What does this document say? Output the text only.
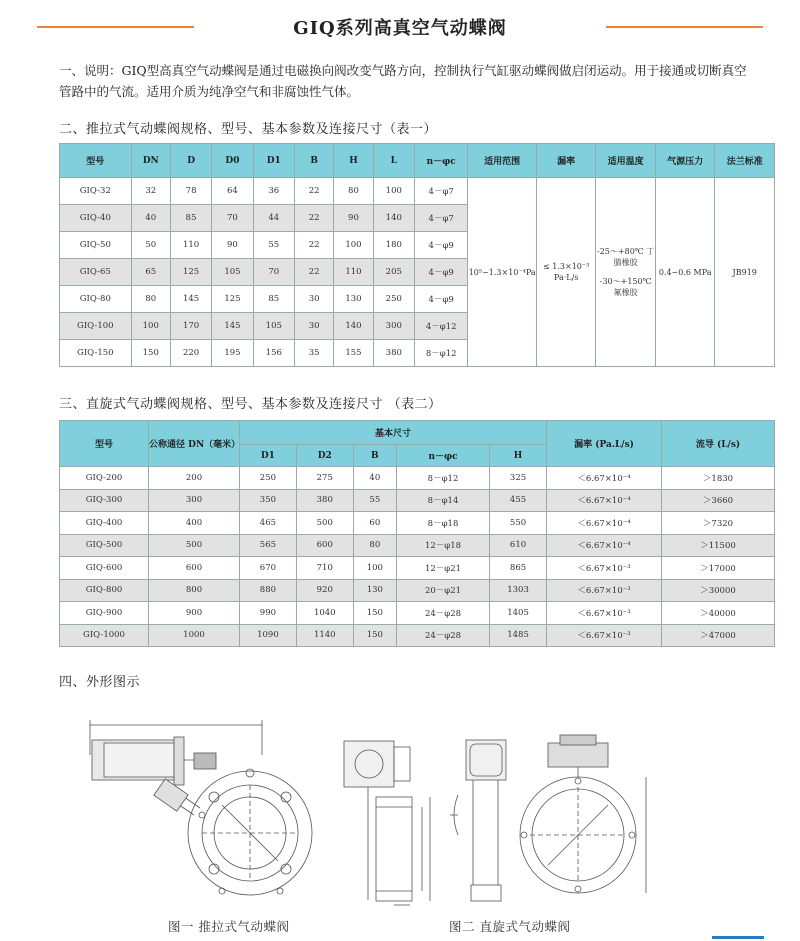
GIQ系列高真空气动蝶阀
一、说明：GIQ型高真空气动蝶阀是通过电磁换向阀改变气路方向，控制执行气缸驱动蝶阀做启闭运动。用于接通或切断真空管路中的气流。适用介质为纯净空气和非腐蚀性气体。
二、推拉式气动蝶阀规格、型号、基本参数及连接尺寸（表一）
型号	DN	D	D0	D1	B	H	L	n－φc	适用范围	漏率	适用温度	气源压力	法兰标准
GIQ-32	32	78	64	36	22	80	100	4－φ7	10⁵~1.3×10⁻⁴Pa	≤ 1.3×10⁻³ Pa·L/s	-25～+80℃ 丁腈橡胶
-30～+150℃ 氟橡胶	0.4~0.6 MPa	JB919
GIQ-40	40	85	70	44	22	90	140	4－φ7					
GIQ-50	50	110	90	55	22	100	180	4－φ9					
GIQ-65	65	125	105	70	22	110	205	4－φ9					
GIQ-80	80	145	125	85	30	130	250	4－φ9					
GIQ-100	100	170	145	105	30	140	300	4－φ12					
GIQ-150	150	220	195	156	35	155	380	8－φ12					
三、直旋式气动蝶阀规格、型号、基本参数及连接尺寸 （表二）
型号	公称通径 DN（毫米）	基本尺寸					漏率 (Pa.L/s)	流导 (L/s)
		D1	D2	B	n－φc	H		
GIQ-200	200	250	275	40	8－φ12	325	＜6.67×10⁻⁴	＞1830
GIQ-300	300	350	380	55	8－φ14	455	＜6.67×10⁻⁴	＞3660
GIQ-400	400	465	500	60	8－φ18	550	＜6.67×10⁻⁴	＞7320
GIQ-500	500	565	600	80	12－φ18	610	＜6.67×10⁻⁴	＞11500
GIQ-600	600	670	710	100	12－φ21	865	＜6.67×10⁻³	＞17000
GIQ-800	800	880	920	130	20－φ21	1303	＜6.67×10⁻³	＞30000
GIQ-900	900	990	1040	150	24－φ28	1405	＜6.67×10⁻³	＞40000
GIQ-1000	1000	1090	1140	150	24－φ28	1485	＜6.67×10⁻³	＞47000
四、外形图示
图一 推拉式气动蝶阀	图二 直旋式气动蝶阀
